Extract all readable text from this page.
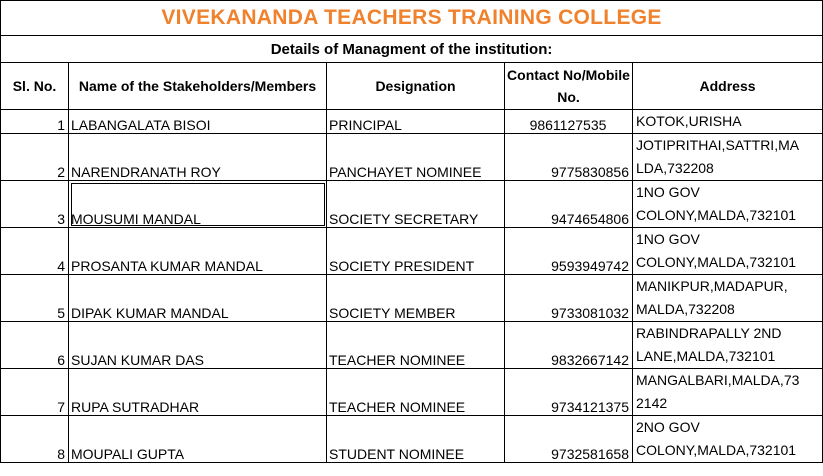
VIVEKANANDA TEACHERS TRAINING COLLEGE				
Details of Managment of the institution:				
Sl. No.	Name of the Stakeholders/Members	Designation	Contact No/Mobile No.	Address
1	LABANGALATA BISOI	PRINCIPAL	9861127535	KOTOK,URISHA
2	NARENDRANATH ROY	PANCHAYET NOMINEE	9775830856	JOTIPRITHAI,SATTRI,MA
LDA,732208
3	MOUSUMI MANDAL	SOCIETY SECRETARY	9474654806	1NO GOV
COLONY,MALDA,732101
4	PROSANTA KUMAR MANDAL	SOCIETY PRESIDENT	9593949742	1NO GOV
COLONY,MALDA,732101
5	DIPAK KUMAR MANDAL	SOCIETY MEMBER	9733081032	MANIKPUR,MADAPUR,
MALDA,732208
6	SUJAN KUMAR DAS	TEACHER NOMINEE	9832667142	RABINDRAPALLY 2ND
LANE,MALDA,732101
7	RUPA SUTRADHAR	TEACHER NOMINEE	9734121375	MANGALBARI,MALDA,73
2142
8	MOUPALI GUPTA	STUDENT NOMINEE	9732581658	2NO GOV
COLONY,MALDA,732101
